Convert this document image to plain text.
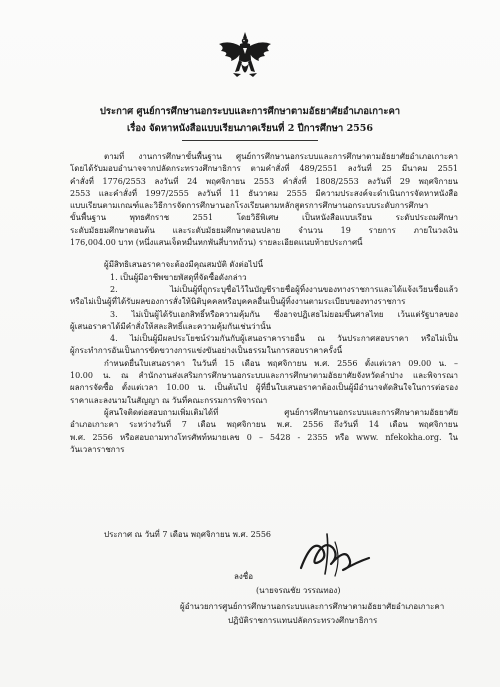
ประกาศ ศูนย์การศึกษานอกระบบและการศึกษาตามอัธยาศัยอำเภอเกาะคา
เรื่อง จัดหาหนังสือแบบเรียนภาคเรียนที่ 2 ปีการศึกษา 2556
ตามที่ งานการศึกษาขั้นพื้นฐาน ศูนย์การศึกษานอกระบบและการศึกษาตามอัธยาศัยอำเภอเกาะคา
โดยได้รับมอบอำนาจจากปลัดกระทรวงศึกษาธิการ ตามคำสั่งที่ 489/2551 ลงวันที่ 25 มีนาคม 2551
คำสั่งที่ 1776/2553 ลงวันที่ 24 พฤศจิกายน 2553 คำสั่งที่ 1808/2553 ลงวันที่ 29 พฤศจิกายน
2553 และคำสั่งที่ 1997/2555 ลงวันที่ 11 ธันวาคม 2555 มีความประสงค์จะดำเนินการจัดหาหนังสือ
แบบเรียนตามเกณฑ์และวิธีการจัดการศึกษานอกโรงเรียนตามหลักสูตรการศึกษานอกระบบระดับการศึกษา
ขั้นพื้นฐาน พุทธศักราช 2551 โดยวิธีพิเศษ เป็นหนังสือแบบเรียน ระดับประถมศึกษา
ระดับมัธยมศึกษาตอนต้น และระดับมัธยมศึกษาตอนปลาย จำนวน 19 รายการ ภายในวงเงิน
176,004.00 บาท (หนึ่งแสนเจ็ดหมื่นหกพันสี่บาทถ้วน) รายละเอียดแนบท้ายประกาศนี้
ผู้มีสิทธิเสนอราคาจะต้องมีคุณสมบัติ ดังต่อไปนี้
1. เป็นผู้มีอาชีพขายพัสดุที่จัดซื้อดังกล่าว
2. ไม่เป็นผู้ที่ถูกระบุชื่อไว้ในบัญชีรายชื่อผู้ทิ้งงานของทางราชการและได้แจ้งเวียนชื่อแล้ว
หรือไม่เป็นผู้ที่ได้รับผลของการสั่งให้นิติบุคคลหรือบุคคลอื่นเป็นผู้ทิ้งงานตามระเบียบของทางราชการ
3. ไม่เป็นผู้ได้รับเอกสิทธิ์หรือความคุ้มกัน ซึ่งอาจปฏิเสธไม่ยอมขึ้นศาลไทย เว้นแต่รัฐบาลของ
ผู้เสนอราคาได้มีคำสั่งให้สละสิทธิ์และความคุ้มกันเช่นว่านั้น
4. ไม่เป็นผู้มีผลประโยชน์ร่วมกันกับผู้เสนอราคารายอื่น ณ วันประกาศสอบราคา หรือไม่เป็น
ผู้กระทำการอันเป็นการขัดขวางการแข่งขันอย่างเป็นธรรมในการสอบราคาครั้งนี้
กำหนดยื่นใบเสนอราคา ในวันที่ 15 เดือน พฤศจิกายน พ.ศ. 2556 ตั้งแต่เวลา 09.00 น. –
10.00 น. ณ สำนักงานส่งเสริมการศึกษานอกระบบและการศึกษาตามอัธยาศัยจังหวัดลำปาง และพิจารณา
ผลการจัดซื้อ ตั้งแต่เวลา 10.00 น. เป็นต้นไป ผู้ที่ยื่นใบเสนอราคาต้องเป็นผู้มีอำนาจตัดสินใจในการต่อรอง
ราคาและลงนามในสัญญา ณ วันที่คณะกรรมการพิจารณา
ผู้สนใจติดต่อสอบถามเพิ่มเติมได้ที่ ศูนย์การศึกษานอกระบบและการศึกษาตามอัธยาศัย
อำเภอเกาะคา ระหว่างวันที่ 7 เดือน พฤศจิกายน พ.ศ. 2556 ถึงวันที่ 14 เดือน พฤศจิกายน
พ.ศ. 2556 หรือสอบถามทางโทรศัพท์หมายเลข 0 – 5428 - 2355 หรือ www. nfekokha.org. ใน
วันเวลาราชการ
ประกาศ ณ วันที่ 7 เดือน พฤศจิกายน พ.ศ. 2556
ลงชื่อ
(นายจรณชัย วรรณทอง)
ผู้อำนวยการศูนย์การศึกษานอกระบบและการศึกษาตามอัธยาศัยอำเภอเกาะคา
ปฏิบัติราชการแทนปลัดกระทรวงศึกษาธิการ
